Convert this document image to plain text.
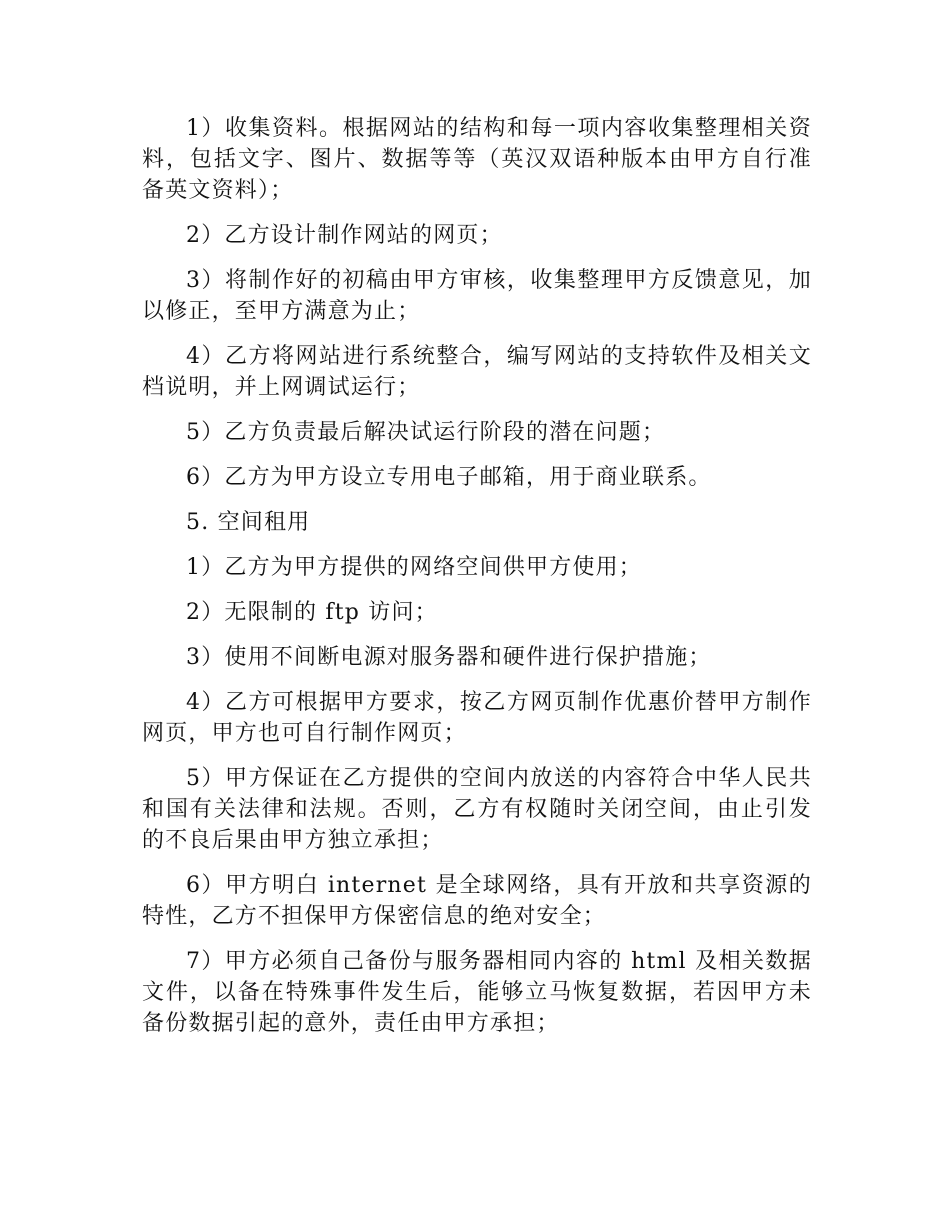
1）收集资料。根据网站的结构和每一项内容收集整理相关资料，包括文字、图片、数据等等（英汉双语种版本由甲方自行准备英文资料）；

2）乙方设计制作网站的网页；

3）将制作好的初稿由甲方审核，收集整理甲方反馈意见，加以修正，至甲方满意为止；

4）乙方将网站进行系统整合，编写网站的支持软件及相关文档说明，并上网调试运行；

5）乙方负责最后解决试运行阶段的潜在问题；

6）乙方为甲方设立专用电子邮箱，用于商业联系。

5. 空间租用

1）乙方为甲方提供的网络空间供甲方使用；

2）无限制的 ftp 访问；

3）使用不间断电源对服务器和硬件进行保护措施；

4）乙方可根据甲方要求，按乙方网页制作优惠价替甲方制作网页，甲方也可自行制作网页；

5）甲方保证在乙方提供的空间内放送的内容符合中华人民共和国有关法律和法规。否则，乙方有权随时关闭空间，由止引发的不良后果由甲方独立承担；

6）甲方明白 internet 是全球网络，具有开放和共享资源的特性，乙方不担保甲方保密信息的绝对安全；

7）甲方必须自己备份与服务器相同内容的 html 及相关数据文件，以备在特殊事件发生后，能够立马恢复数据，若因甲方未备份数据引起的意外，责任由甲方承担；
